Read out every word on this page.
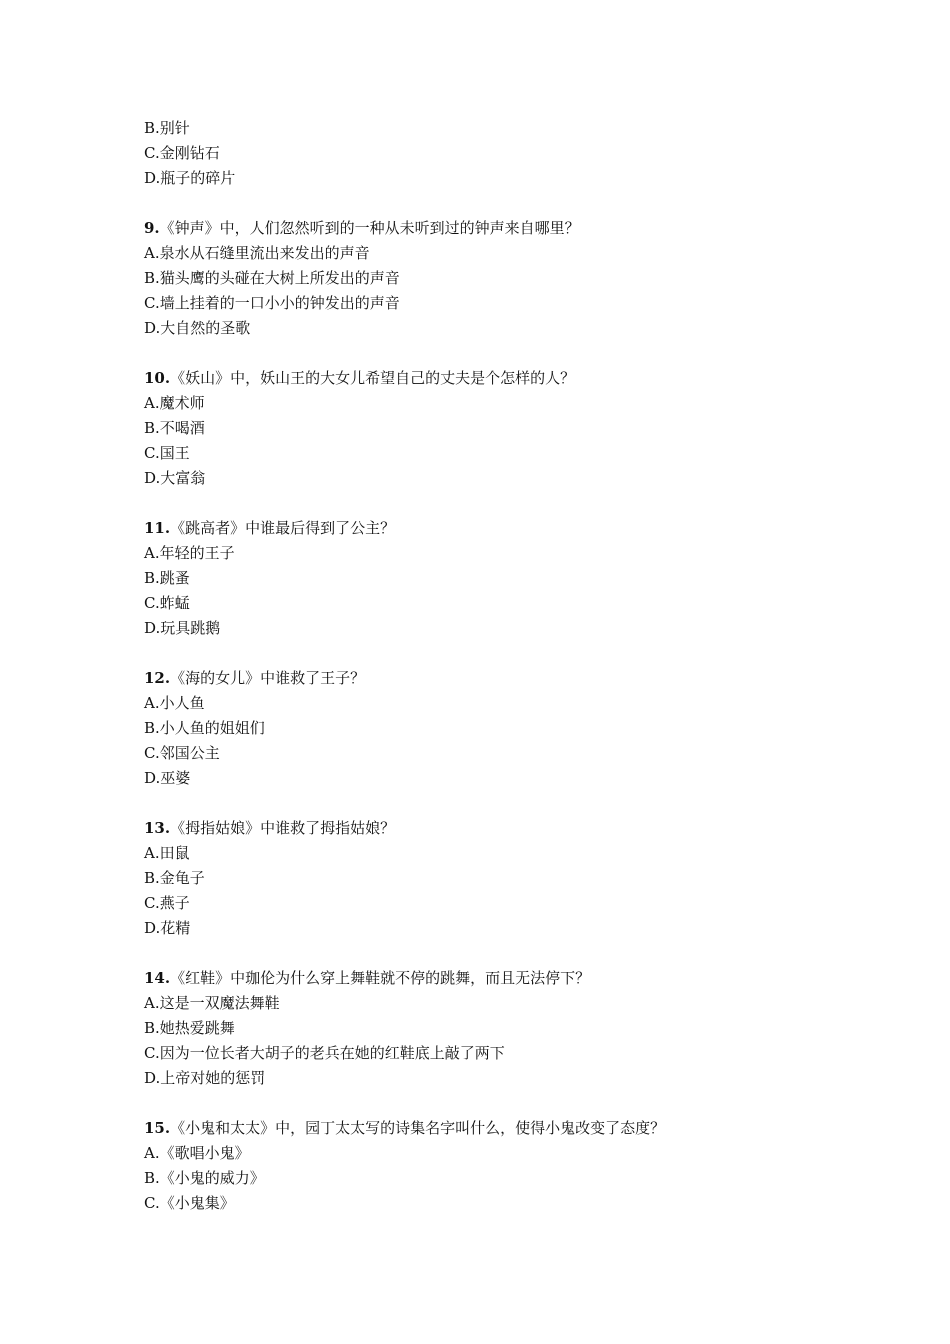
B.别针
C.金刚钻石
D.瓶子的碎片
9.《钟声》中，人们忽然听到的一种从未听到过的钟声来自哪里？
A.泉水从石缝里流出来发出的声音
B.猫头鹰的头碰在大树上所发出的声音
C.墙上挂着的一口小小的钟发出的声音
D.大自然的圣歌
10.《妖山》中，妖山王的大女儿希望自己的丈夫是个怎样的人？
A.魔术师
B.不喝酒
C.国王
D.大富翁
11.《跳高者》中谁最后得到了公主？
A.年轻的王子
B.跳蚤
C.蚱蜢
D.玩具跳鹅
12.《海的女儿》中谁救了王子？
A.小人鱼
B.小人鱼的姐姐们
C.邻国公主
D.巫婆
13.《拇指姑娘》中谁救了拇指姑娘？
A.田鼠
B.金龟子
C.燕子
D.花精
14.《红鞋》中珈伦为什么穿上舞鞋就不停的跳舞，而且无法停下？
A.这是一双魔法舞鞋
B.她热爱跳舞
C.因为一位长者大胡子的老兵在她的红鞋底上敲了两下
D.上帝对她的惩罚
15.《小鬼和太太》中，园丁太太写的诗集名字叫什么，使得小鬼改变了态度？
A.《歌唱小鬼》
B.《小鬼的威力》
C.《小鬼集》
